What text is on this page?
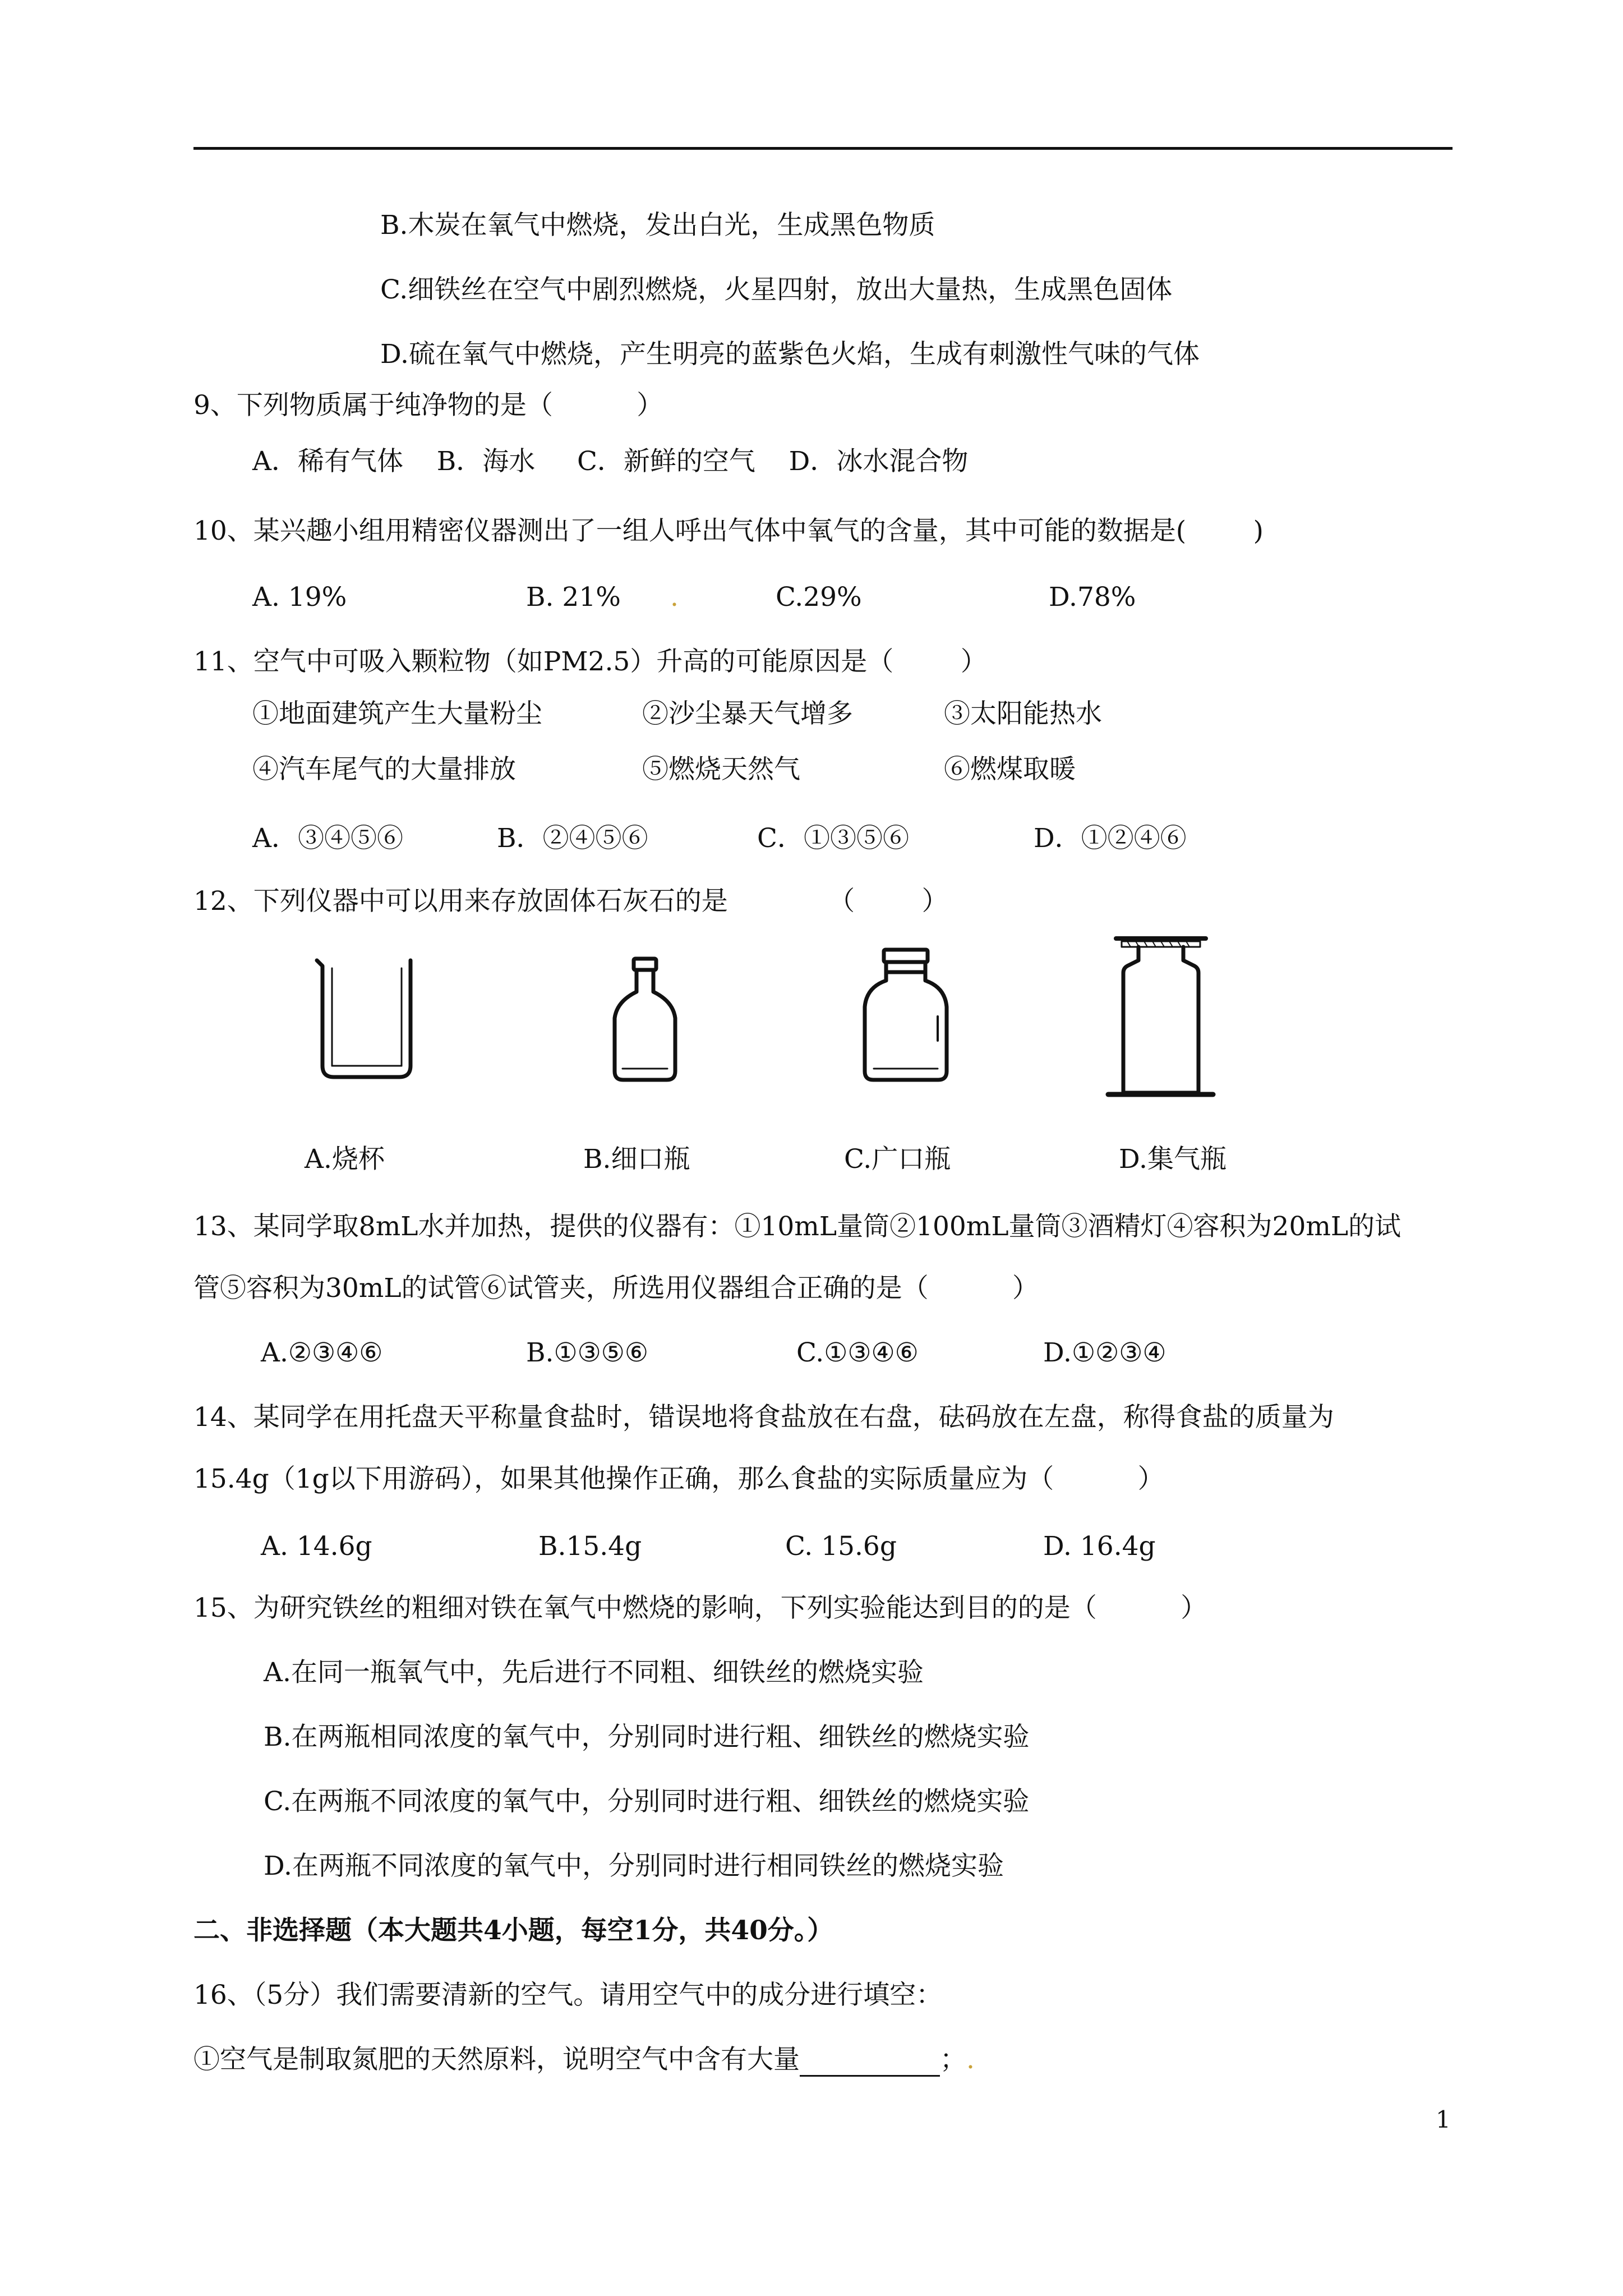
B.木炭在氧气中燃烧，发出白光，生成黑色物质
C.细铁丝在空气中剧烈燃烧，火星四射，放出大量热，生成黑色固体
D.硫在氧气中燃烧，产生明亮的蓝紫色火焰，生成有刺激性气味的气体
9、下列物质属于纯净物的是（          ）
A．稀有气体    B．海水     C．新鲜的空气    D．冰水混合物
10、某兴趣小组用精密仪器测出了一组人呼出气体中氧气的含量，其中可能的数据是(        )
A. 19%	B. 21% .	C.29%	D.78%
11、空气中可吸入颗粒物（如PM2.5）升高的可能原因是（        ）
①地面建筑产生大量粉尘	②沙尘暴天气增多	③太阳能热水
④汽车尾气的大量排放	⑤燃烧天然气	⑥燃煤取暖
A．③④⑤⑥	B．②④⑤⑥	C．①③⑤⑥	D．①②④⑥
12、下列仪器中可以用来存放固体石灰石的是            （        ）
A.烧杯	B.细口瓶	C.广口瓶	D.集气瓶
13、某同学取8mL水并加热，提供的仪器有：①10mL量筒②100mL量筒③酒精灯④容积为20mL的试
管⑤容积为30mL的试管⑥试管夹，所选用仪器组合正确的是（          ）
A.②③④⑥	B.①③⑤⑥	C.①③④⑥	D.①②③④
14、某同学在用托盘天平称量食盐时，错误地将食盐放在右盘，砝码放在左盘，称得食盐的质量为
15.4g（1g以下用游码），如果其他操作正确，那么食盐的实际质量应为（          ）
A. 14.6g	B.15.4g	C. 15.6g	D. 16.4g
15、为研究铁丝的粗细对铁在氧气中燃烧的影响，下列实验能达到目的的是（          ）
A.在同一瓶氧气中，先后进行不同粗、细铁丝的燃烧实验
B.在两瓶相同浓度的氧气中，分别同时进行粗、细铁丝的燃烧实验
C.在两瓶不同浓度的氧气中，分别同时进行粗、细铁丝的燃烧实验
D.在两瓶不同浓度的氧气中，分别同时进行相同铁丝的燃烧实验
二、非选择题（本大题共4小题，每空1分，共40分。）
16、（5分）我们需要清新的空气。请用空气中的成分进行填空：
①空气是制取氮肥的天然原料，说明空气中含有大量	；.
1
